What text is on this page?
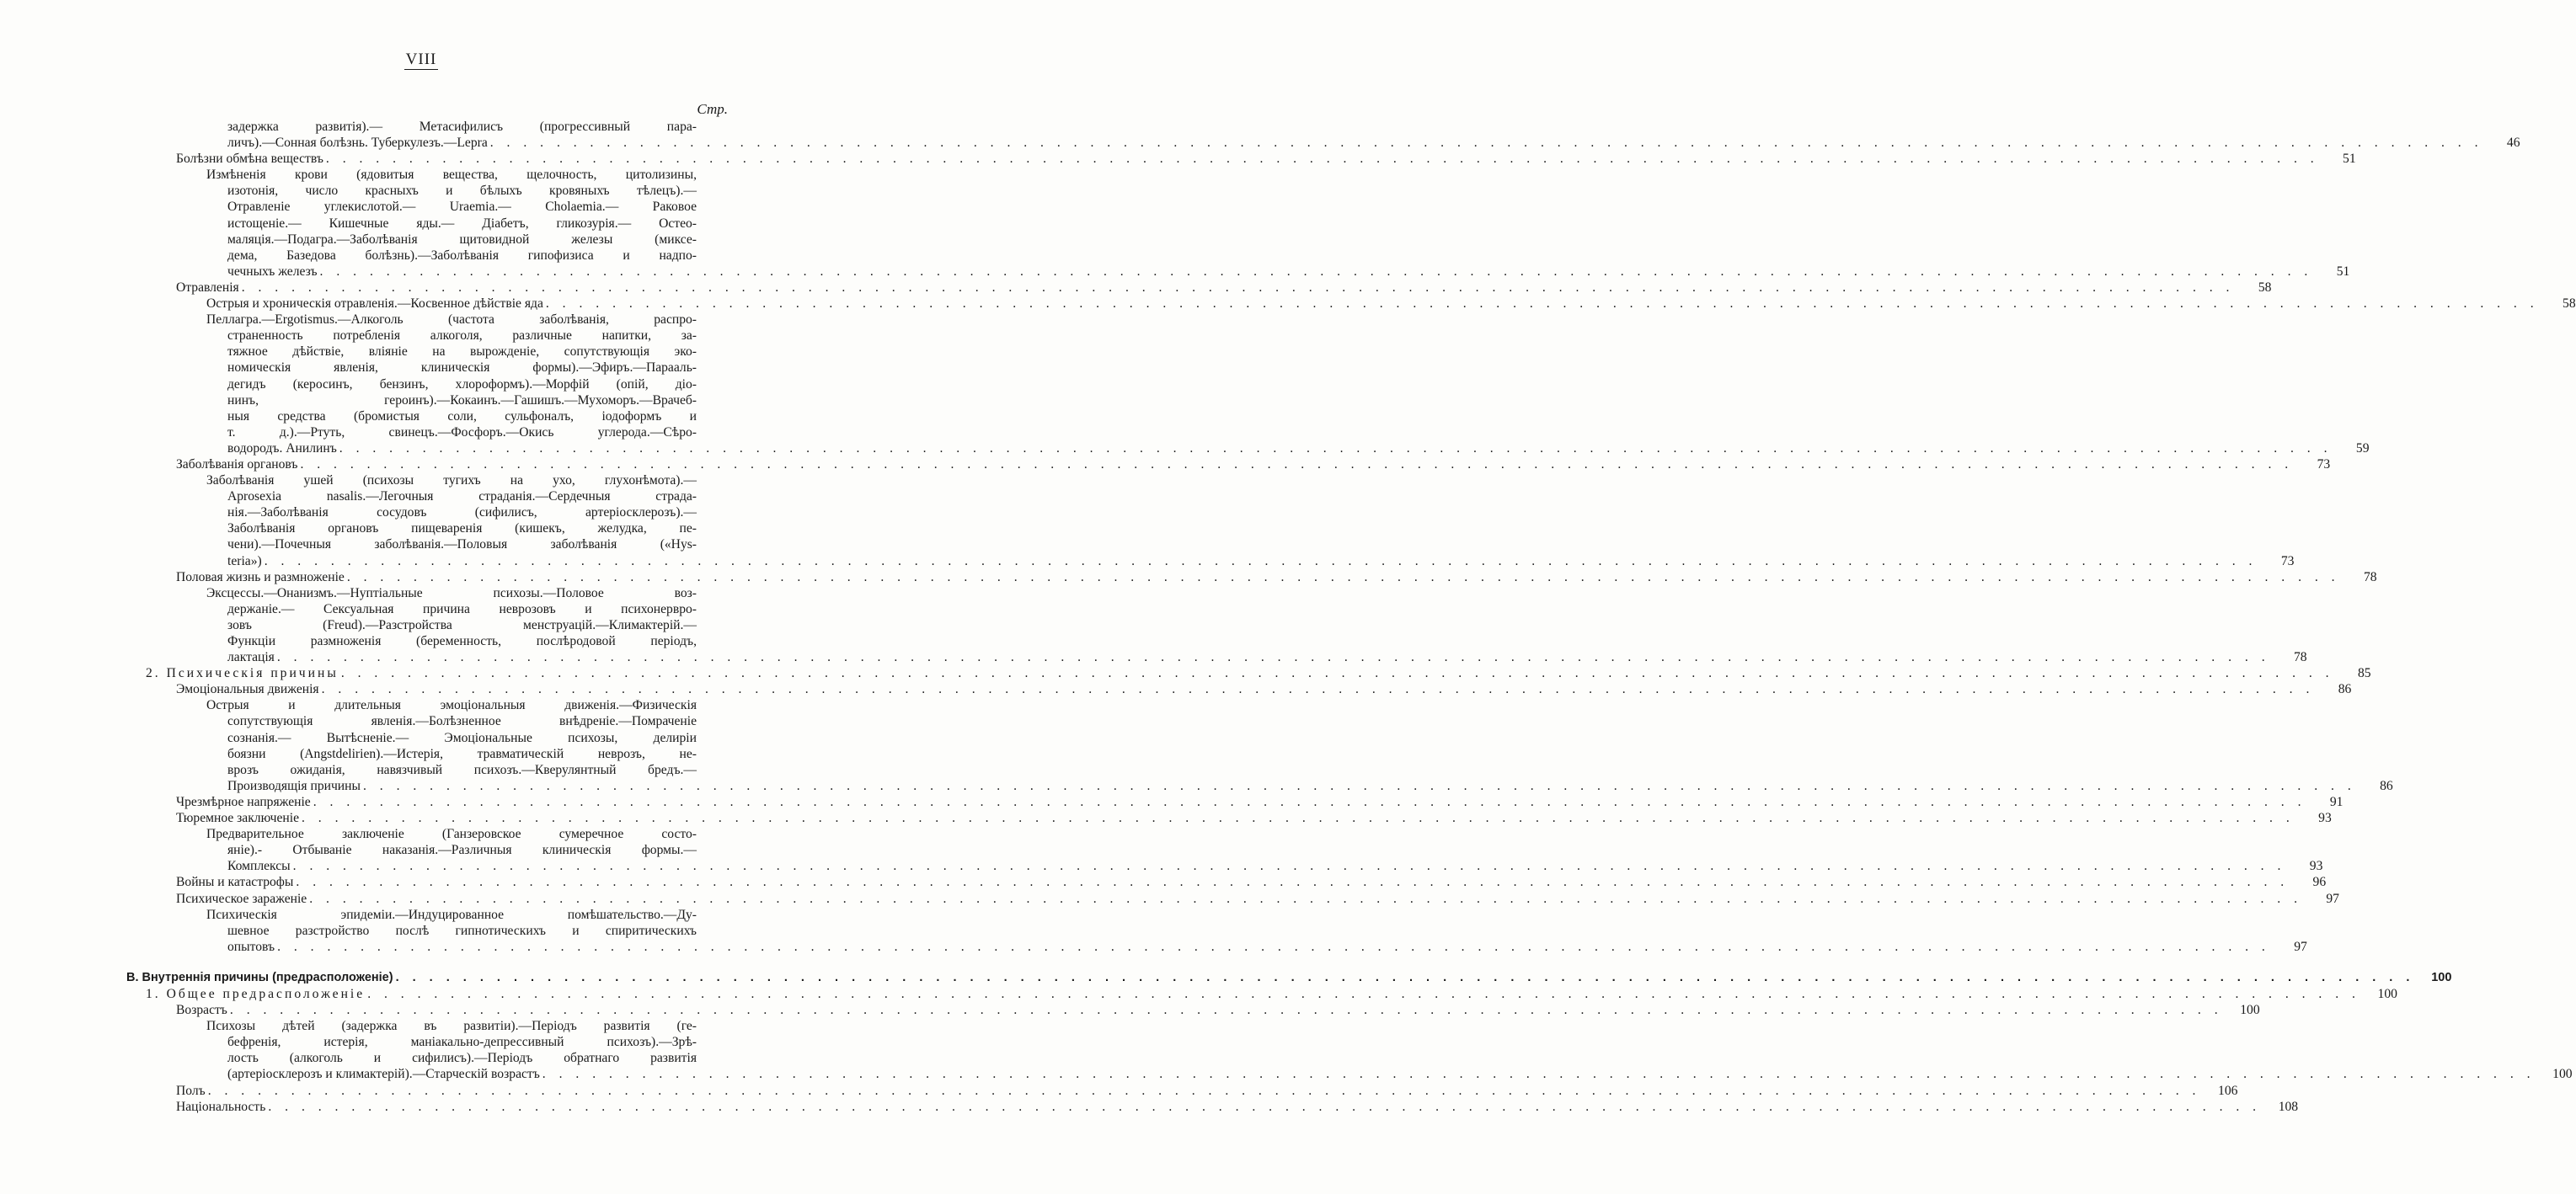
VIII
Стр.
задержка развитія).— Метасифилисъ (прогрессивный пара-
личъ).—Сонная болѣзнь. Туберкулезъ.—Lepra . . . . . . . . . . . . . . . . . . . . . . . . . . . . . . . . . . . . . . . . . . . . . . . . . . . . . . . . . . . . . . . . . . . . . . . . . . . . . . . . . . . . . . . . . . . . . . . . . . . . . . . . . . . . . . . . . . . . . . . .	46
Болѣзни обмѣна веществъ . . . . . . . . . . . . . . . . . . . . . . . . . . . . . . . . . . . . . . . . . . . . . . . . . . . . . . . . . . . . . . . . . . . . . . . . . . . . . . . . . . . . . . . . . . . . . . . . . . . . . . . . . . . . . . . . . . . . . . . .	51
Измѣненія крови (ядовитыя вещества, щелочность, цитолизины,
изотонія, число красныхъ и бѣлыхъ кровяныхъ тѣлецъ).—
Отравленіе углекислотой.— Uraemia.— Cholaemia.— Раковое
истощеніе.— Кишечные яды.— Діабетъ, гликозурія.— Остео-
маляція.—Подагра.—Заболѣванія щитовидной железы (миксе-
дема, Базедова болѣзнь).—Заболѣванія гипофизиса и надпо-
чечныхъ железъ . . . . . . . . . . . . . . . . . . . . . . . . . . . . . . . . . . . . . . . . . . . . . . . . . . . . . . . . . . . . . . . . . . . . . . . . . . . . . . . . . . . . . . . . . . . . . . . . . . . . . . . . . . . . . . . . . . . . . . . .	51
Отравленія . . . . . . . . . . . . . . . . . . . . . . . . . . . . . . . . . . . . . . . . . . . . . . . . . . . . . . . . . . . . . . . . . . . . . . . . . . . . . . . . . . . . . . . . . . . . . . . . . . . . . . . . . . . . . . . . . . . . . . . .	58
Острыя и хроническія отравленія.—Косвенное дѣйствіе яда . . . . . . . . . . . . . . . . . . . . . . . . . . . . . . . . . . . . . . . . . . . . . . . . . . . . . . . . . . . . . . . . . . . . . . . . . . . . . . . . . . . . . . . . . . . . . . . . . . . . . . . . . . . . . . . . . . . . . . . .	58
Пеллагра.—Ergotismus.—Алкоголь (частота заболѣванія, распро-
страненность потребленія алкоголя, различные напитки, за-
тяжное дѣйствіе, вліяніе на вырожденіе, сопутствующія эко-
номическія явленія, клиническія формы).—Эфиръ.—Парааль-
дегидъ (керосинъ, бензинъ, хлороформъ).—Морфій (опій, діо-
нинъ, героинъ).—Кокаинъ.—Гашишъ.—Мухоморъ.—Врачеб-
ныя средства (бромистыя соли, сульфоналъ, іодоформъ и
т. д.).—Ртуть, свинецъ.—Фосфоръ.—Окись углерода.—Сѣро-
водородъ. Анилинъ . . . . . . . . . . . . . . . . . . . . . . . . . . . . . . . . . . . . . . . . . . . . . . . . . . . . . . . . . . . . . . . . . . . . . . . . . . . . . . . . . . . . . . . . . . . . . . . . . . . . . . . . . . . . . . . . . . . . . . . .	59
Заболѣванія органовъ . . . . . . . . . . . . . . . . . . . . . . . . . . . . . . . . . . . . . . . . . . . . . . . . . . . . . . . . . . . . . . . . . . . . . . . . . . . . . . . . . . . . . . . . . . . . . . . . . . . . . . . . . . . . . . . . . . . . . . . .	73
Заболѣванія ушей (психозы тугихъ на ухо, глухонѣмота).—
Aprosexia nasalis.—Легочныя страданія.—Сердечныя страда-
нія.—Заболѣванія сосудовъ (сифилисъ, артеріосклерозъ).—
Заболѣванія органовъ пищеваренія (кишекъ, желудка, пе-
чени).—Почечныя заболѣванія.—Половыя заболѣванія («Hys-
teria») . . . . . . . . . . . . . . . . . . . . . . . . . . . . . . . . . . . . . . . . . . . . . . . . . . . . . . . . . . . . . . . . . . . . . . . . . . . . . . . . . . . . . . . . . . . . . . . . . . . . . . . . . . . . . . . . . . . . . . . .	73
Половая жизнь и размноженіе . . . . . . . . . . . . . . . . . . . . . . . . . . . . . . . . . . . . . . . . . . . . . . . . . . . . . . . . . . . . . . . . . . . . . . . . . . . . . . . . . . . . . . . . . . . . . . . . . . . . . . . . . . . . . . . . . . . . . . . .	78
Эксцессы.—Онанизмъ.—Нуптіальные психозы.—Половое воз-
держаніе.— Сексуальная причина неврозовъ и психонервро-
зовъ (Freud).—Разстройства менструацій.—Климактерій.—
Функціи размноженія (беременность, послѣродовой періодъ,
лактація . . . . . . . . . . . . . . . . . . . . . . . . . . . . . . . . . . . . . . . . . . . . . . . . . . . . . . . . . . . . . . . . . . . . . . . . . . . . . . . . . . . . . . . . . . . . . . . . . . . . . . . . . . . . . . . . . . . . . . . .	78
2. Психическія причины . . . . . . . . . . . . . . . . . . . . . . . . . . . . . . . . . . . . . . . . . . . . . . . . . . . . . . . . . . . . . . . . . . . . . . . . . . . . . . . . . . . . . . . . . . . . . . . . . . . . . . . . . . . . . . . . . . . . . . . .	85
Эмоціональныя движенія . . . . . . . . . . . . . . . . . . . . . . . . . . . . . . . . . . . . . . . . . . . . . . . . . . . . . . . . . . . . . . . . . . . . . . . . . . . . . . . . . . . . . . . . . . . . . . . . . . . . . . . . . . . . . . . . . . . . . . . .	86
Острыя и длительныя эмоціональныя движенія.—Физическія
сопутствующія явленія.—Болѣзненное внѣдреніе.—Помраченіе
сознанія.— Вытѣсненіе.— Эмоціональные психозы, делиріи
боязни (Angstdelirien).—Истерія, травматическій неврозъ, не-
врозъ ожиданія, навязчивый психозъ.—Кверулянтный бредъ.—
Производящія причины . . . . . . . . . . . . . . . . . . . . . . . . . . . . . . . . . . . . . . . . . . . . . . . . . . . . . . . . . . . . . . . . . . . . . . . . . . . . . . . . . . . . . . . . . . . . . . . . . . . . . . . . . . . . . . . . . . . . . . . .	86
Чрезмѣрное напряженіе . . . . . . . . . . . . . . . . . . . . . . . . . . . . . . . . . . . . . . . . . . . . . . . . . . . . . . . . . . . . . . . . . . . . . . . . . . . . . . . . . . . . . . . . . . . . . . . . . . . . . . . . . . . . . . . . . . . . . . . .	91
Тюремное заключеніе . . . . . . . . . . . . . . . . . . . . . . . . . . . . . . . . . . . . . . . . . . . . . . . . . . . . . . . . . . . . . . . . . . . . . . . . . . . . . . . . . . . . . . . . . . . . . . . . . . . . . . . . . . . . . . . . . . . . . . . .	93
Предварительное заключеніе (Ганзеровское сумеречное состо-
яніе).- Отбываніе наказанія.—Различныя клиническія формы.—
Комплексы . . . . . . . . . . . . . . . . . . . . . . . . . . . . . . . . . . . . . . . . . . . . . . . . . . . . . . . . . . . . . . . . . . . . . . . . . . . . . . . . . . . . . . . . . . . . . . . . . . . . . . . . . . . . . . . . . . . . . . . .	93
Войны и катастрофы . . . . . . . . . . . . . . . . . . . . . . . . . . . . . . . . . . . . . . . . . . . . . . . . . . . . . . . . . . . . . . . . . . . . . . . . . . . . . . . . . . . . . . . . . . . . . . . . . . . . . . . . . . . . . . . . . . . . . . . .	96
Психическое зараженіе . . . . . . . . . . . . . . . . . . . . . . . . . . . . . . . . . . . . . . . . . . . . . . . . . . . . . . . . . . . . . . . . . . . . . . . . . . . . . . . . . . . . . . . . . . . . . . . . . . . . . . . . . . . . . . . . . . . . . . . .	97
Психическія эпидеміи.—Индуцированное помѣшательство.—Ду-
шевное разстройство послѣ гипнотическихъ и спиритическихъ
опытовъ . . . . . . . . . . . . . . . . . . . . . . . . . . . . . . . . . . . . . . . . . . . . . . . . . . . . . . . . . . . . . . . . . . . . . . . . . . . . . . . . . . . . . . . . . . . . . . . . . . . . . . . . . . . . . . . . . . . . . . . .	97
В. Внутреннія причины (предрасположеніе) . . . . . . . . . . . . . . . . . . . . . . . . . . . . . . . . . . . . . . . . . . . . . . . . . . . . . . . . . . . . . . . . . . . . . . . . . . . . . . . . . . . . . . . . . . . . . . . . . . . . . . . . . . . . . . . . . . . . . . . .	100
1. Общее предрасположеніе . . . . . . . . . . . . . . . . . . . . . . . . . . . . . . . . . . . . . . . . . . . . . . . . . . . . . . . . . . . . . . . . . . . . . . . . . . . . . . . . . . . . . . . . . . . . . . . . . . . . . . . . . . . . . . . . . . . . . . . .	100
Возрастъ . . . . . . . . . . . . . . . . . . . . . . . . . . . . . . . . . . . . . . . . . . . . . . . . . . . . . . . . . . . . . . . . . . . . . . . . . . . . . . . . . . . . . . . . . . . . . . . . . . . . . . . . . . . . . . . . . . . . . . . .	100
Психозы дѣтей (задержка въ развитіи).—Періодъ развитія (ге-
бефренія, истерія, маніакально-депрессивный психозъ).—Зрѣ-
лость (алкоголь и сифилисъ).—Періодъ обратнаго развитія
(артеріосклерозъ и климактерій).—Старческій возрастъ . . . . . . . . . . . . . . . . . . . . . . . . . . . . . . . . . . . . . . . . . . . . . . . . . . . . . . . . . . . . . . . . . . . . . . . . . . . . . . . . . . . . . . . . . . . . . . . . . . . . . . . . . . . . . . . . . . . . . . . .	100
Полъ . . . . . . . . . . . . . . . . . . . . . . . . . . . . . . . . . . . . . . . . . . . . . . . . . . . . . . . . . . . . . . . . . . . . . . . . . . . . . . . . . . . . . . . . . . . . . . . . . . . . . . . . . . . . . . . . . . . . . . . .	106
Національность . . . . . . . . . . . . . . . . . . . . . . . . . . . . . . . . . . . . . . . . . . . . . . . . . . . . . . . . . . . . . . . . . . . . . . . . . . . . . . . . . . . . . . . . . . . . . . . . . . . . . . . . . . . . . . . . . . . . . . . .	108
